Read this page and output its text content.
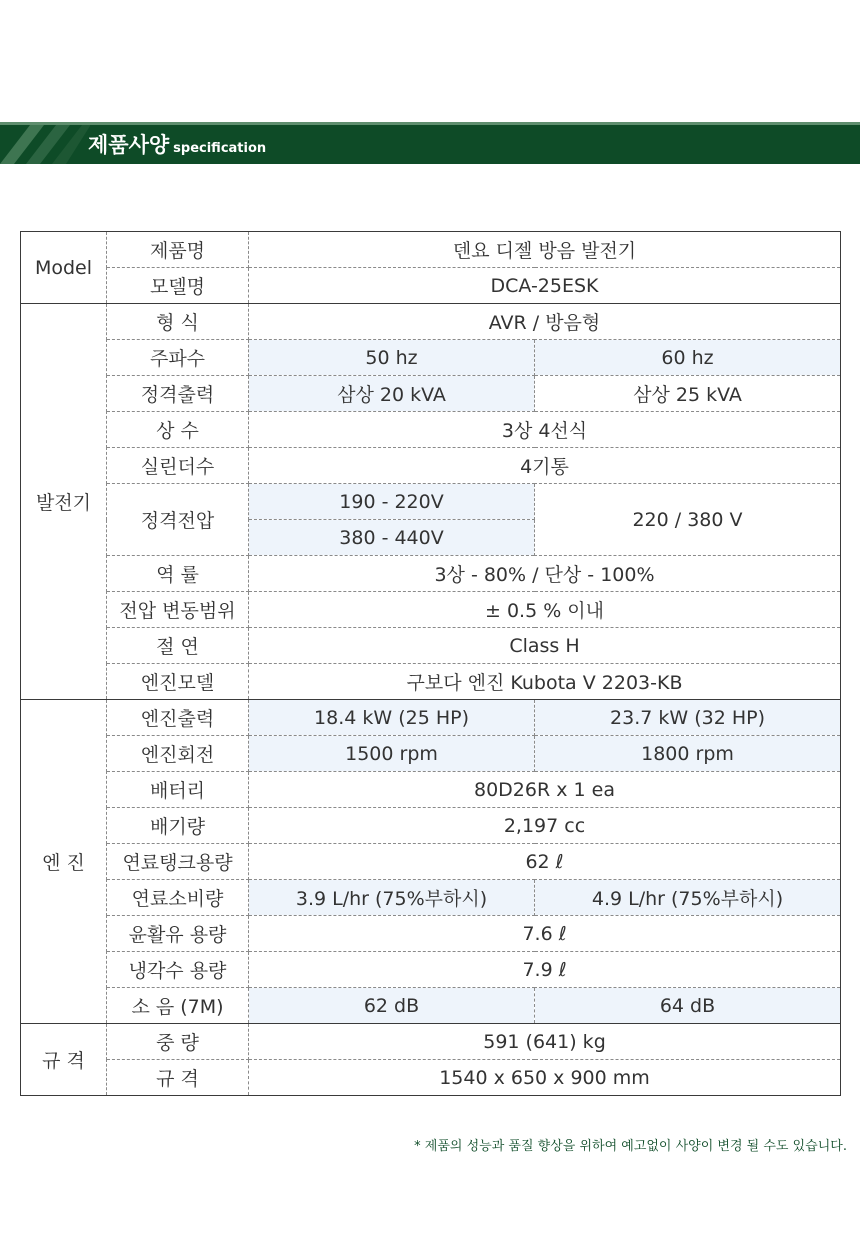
제품사양 specification
Model	제품명	덴요 디젤 방음 발전기	
	모델명	DCA-25ESK	
발전기	형 식	AVR / 방음형	
	주파수	50 hz	60 hz
	정격출력	삼상 20 kVA	삼상 25 kVA
	상 수	3상 4선식	
	실린더수	4기통	
	정격전압	190 - 220V	220 / 380 V
		380 - 440V	
	역 률	3상 - 80% / 단상 - 100%	
	전압 변동범위	± 0.5 % 이내	
	절 연	Class H	
	엔진모델	구보다 엔진 Kubota V 2203-KB	
엔 진	엔진출력	18.4 kW (25 HP)	23.7 kW (32 HP)
	엔진회전	1500 rpm	1800 rpm
	배터리	80D26R x 1 ea	
	배기량	2,197 cc	
	연료탱크용량	62 ℓ	
	연료소비량	3.9 L/hr (75%부하시)	4.9 L/hr (75%부하시)
	윤활유 용량	7.6 ℓ	
	냉각수 용량	7.9 ℓ	
	소 음 (7M)	62 dB	64 dB
규 격	중 량	591 (641) kg	
	규 격	1540 x 650 x 900 mm	
* 제품의 성능과 품질 향상을 위하여 예고없이 사양이 변경 될 수도 있습니다.
